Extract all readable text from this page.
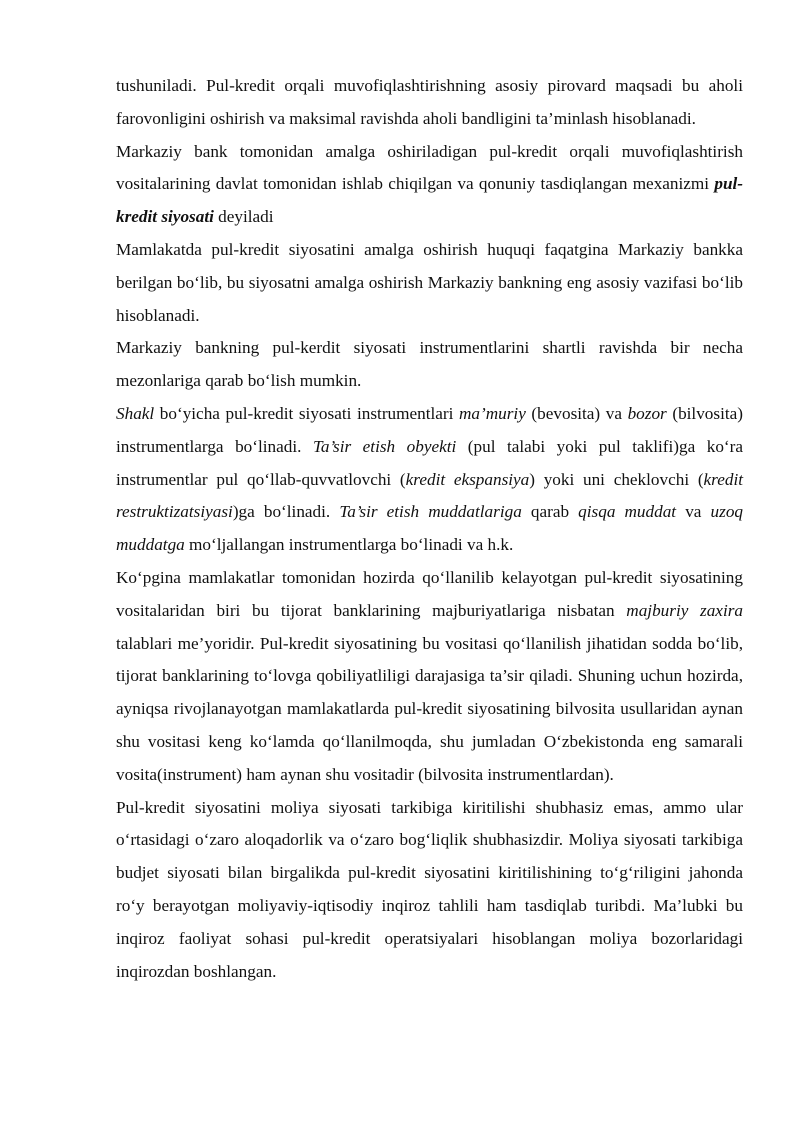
tushuniladi. Pul-kredit orqali muvofiqlashtirishning asosiy pirovard maqsadi bu aholi farovonligini oshirish va maksimal ravishda aholi bandligini ta’minlash hisoblanadi.

Markaziy bank tomonidan amalga oshiriladigan pul-kredit orqali muvofiqlashtirish vositalarining davlat tomonidan ishlab chiqilgan va qonuniy tasdiqlangan mexanizmi pul-kredit siyosati deyiladi

Mamlakatda pul-kredit siyosatini amalga oshirish huquqi faqatgina Markaziy bankka berilgan bo‘lib, bu siyosatni amalga oshirish Markaziy bankning eng asosiy vazifasi bo‘lib hisoblanadi.

Markaziy bankning pul-kerdit siyosati instrumentlarini shartli ravishda bir necha mezonlariga qarab bo‘lish mumkin.

Shakl bo‘yicha pul-kredit siyosati instrumentlari ma’muriy (bevosita) va bozor (bilvosita) instrumentlarga bo‘linadi. Ta’sir etish obyekti (pul talabi yoki pul taklifi)ga ko‘ra instrumentlar pul qo‘llab-quvvatlovchi (kredit ekspansiya) yoki uni cheklovchi (kredit restruktizatsiyasi)ga bo‘linadi. Ta’sir etish muddatlariga qarab qisqa muddat va uzoq muddatga mo‘ljallangan instrumentlarga bo‘linadi va h.k.

Ko‘pgina mamlakatlar tomonidan hozirda qo‘llanilib kelayotgan pul-kredit siyosatining vositalaridan biri bu tijorat banklarining majburiyatlariga nisbatan majburiy zaxira talablari me’yoridir. Pul-kredit siyosatining bu vositasi qo‘llanilish jihatidan sodda bo‘lib, tijorat banklarining to‘lovga qobiliyatliligi darajasiga ta’sir qiladi. Shuning uchun hozirda, ayniqsa rivojlanayotgan mamlakatlarda pul-kredit siyosatining bilvosita usullaridan aynan shu vositasi keng ko‘lamda qo‘llanilmoqda, shu jumladan O‘zbekistonda eng samarali vosita(instrument) ham aynan shu vositadir (bilvosita instrumentlardan).

Pul-kredit siyosatini moliya siyosati tarkibiga kiritilishi shubhasiz emas, ammo ular o‘rtasidagi o‘zaro aloqadorlik va o‘zaro bog‘liqlik shubhasizdir. Moliya siyosati tarkibiga budjet siyosati bilan birgalikda pul-kredit siyosatini kiritilishining to‘g‘riligini jahonda ro‘y berayotgan moliyaviy-iqtisodiy inqiroz tahlili ham tasdiqlab turibdi. Ma’lubki bu inqiroz faoliyat sohasi pul-kredit operatsiyalari hisoblangan moliya bozorlaridagi inqirozdan boshlangan.
